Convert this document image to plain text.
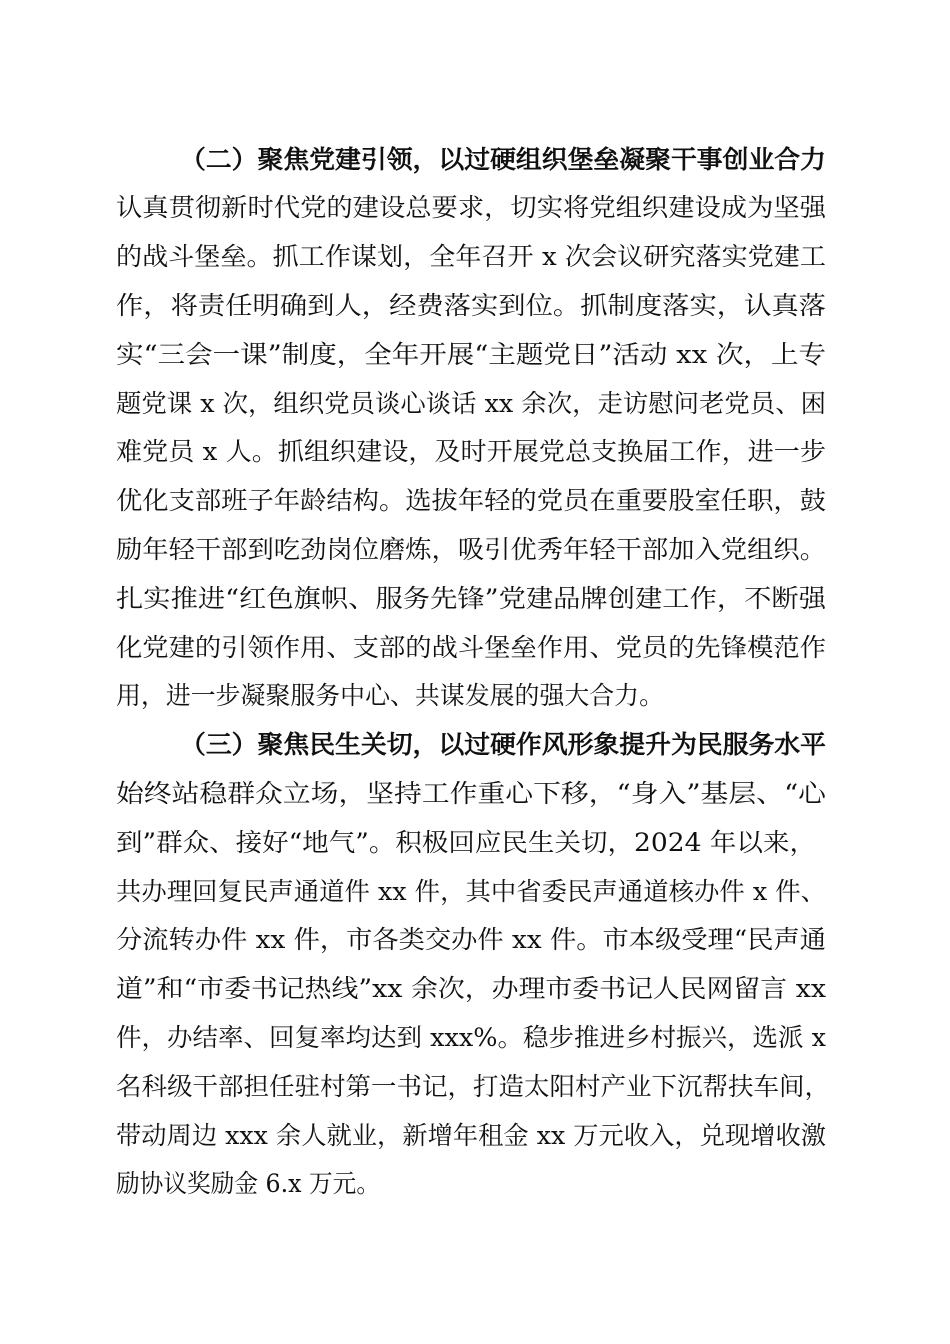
（二）聚焦党建引领，以过硬组织堡垒凝聚干事创业合力
认真贯彻新时代党的建设总要求，切实将党组织建设成为坚强
的战斗堡垒。抓工作谋划，全年召开 x 次会议研究落实党建工
作，将责任明确到人，经费落实到位。抓制度落实，认真落
实“三会一课”制度，全年开展“主题党日”活动 xx 次，上专
题党课 x 次，组织党员谈心谈话 xx 余次，走访慰问老党员、困
难党员 x 人。抓组织建设，及时开展党总支换届工作，进一步
优化支部班子年龄结构。选拔年轻的党员在重要股室任职，鼓
励年轻干部到吃劲岗位磨炼，吸引优秀年轻干部加入党组织。
扎实推进“红色旗帜、服务先锋”党建品牌创建工作，不断强
化党建的引领作用、支部的战斗堡垒作用、党员的先锋模范作
用，进一步凝聚服务中心、共谋发展的强大合力。
（三）聚焦民生关切，以过硬作风形象提升为民服务水平
始终站稳群众立场，坚持工作重心下移，“身入”基层、“心
到”群众、接好“地气”。积极回应民生关切，2024 年以来，
共办理回复民声通道件 xx 件，其中省委民声通道核办件 x 件、
分流转办件 xx 件，市各类交办件 xx 件。市本级受理“民声通
道”和“市委书记热线”xx 余次，办理市委书记人民网留言 xx
件，办结率、回复率均达到 xxx%。稳步推进乡村振兴，选派 x
名科级干部担任驻村第一书记，打造太阳村产业下沉帮扶车间，
带动周边 xxx 余人就业，新增年租金 xx 万元收入，兑现增收激
励协议奖励金 6.x 万元。
